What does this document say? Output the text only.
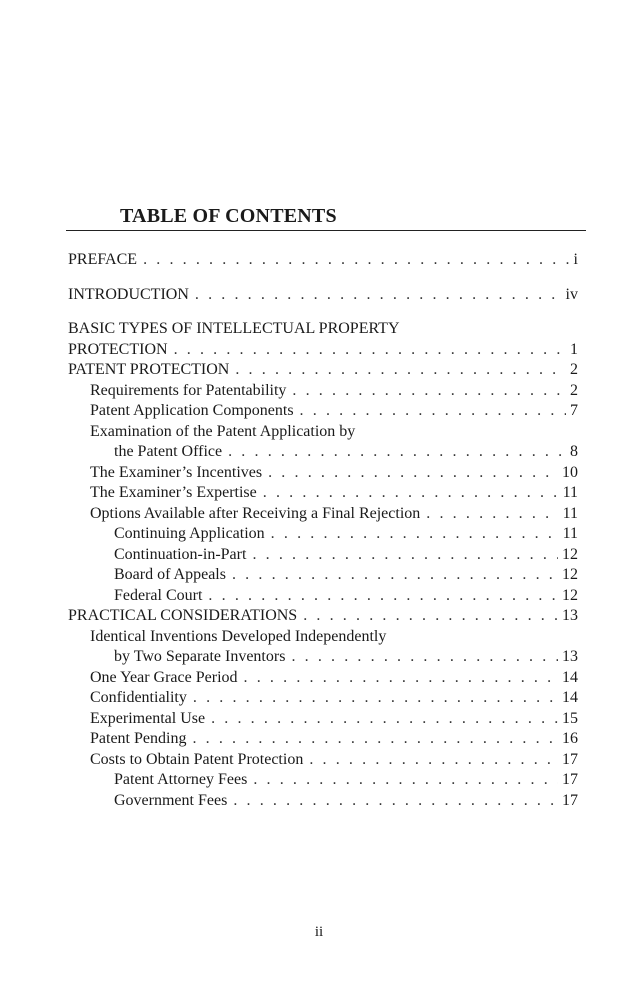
TABLE OF CONTENTS
PREFACE . . .	i
INTRODUCTION . . .	iv
BASIC TYPES OF INTELLECTUAL PROPERTY
PROTECTION . . .	1
PATENT PROTECTION . . .	2
Requirements for Patentability . . .	2
Patent Application Components . . .	7
Examination of the Patent Application by
the Patent Office . . .	8
The Examiner’s Incentives . . .	10
The Examiner’s Expertise . . .	11
Options Available after Receiving a Final Rejection . . .	11
Continuing Application . . .	11
Continuation-in-Part . . .	12
Board of Appeals . . .	12
Federal Court . . .	12
PRACTICAL CONSIDERATIONS . . .	13
Identical Inventions Developed Independently
by Two Separate Inventors . . .	13
One Year Grace Period . . .	14
Confidentiality . . .	14
Experimental Use . . .	15
Patent Pending . . .	16
Costs to Obtain Patent Protection . . .	17
Patent Attorney Fees . . .	17
Government Fees . . .	17
ii
